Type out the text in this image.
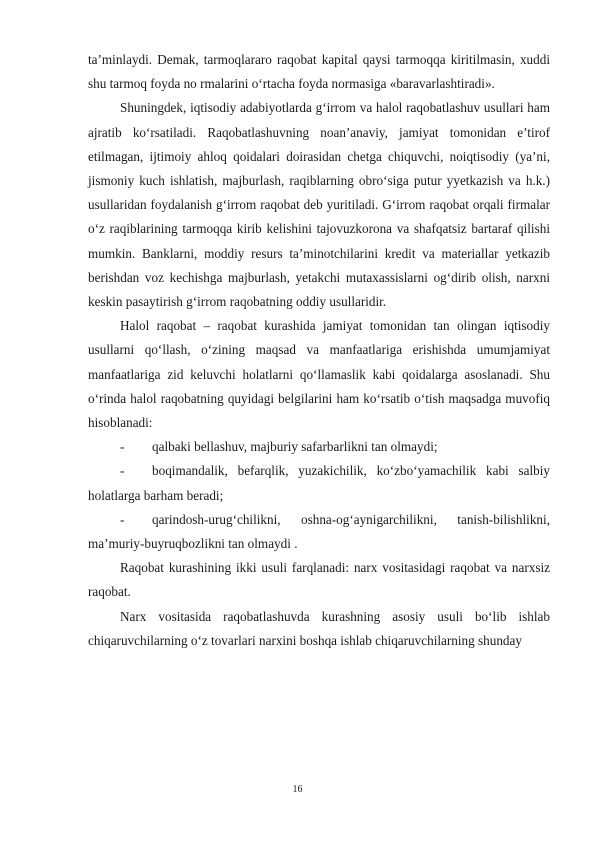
ta’minlaydi. Demak, tarmoqlararo raqobat kapital qaysi tarmoqqa kiritilmasin, xuddi shu tarmoq foyda no rmalarini o‘rtacha foyda normasiga «baravarlashtiradi».

Shuningdek, iqtisodiy adabiyotlarda g‘irrom va halol raqobatlashuv usullari ham ajratib ko‘rsatiladi. Raqobatlashuvning noan’anaviy, jamiyat tomonidan e’tirof etilmagan, ijtimoiy ahloq qoidalari doirasidan chetga chiquvchi, noiqtisodiy (ya’ni, jismoniy kuch ishlatish, majburlash, raqiblarning obro‘siga putur yyetkazish va h.k.) usullaridan foydalanish g‘irrom raqobat deb yuritiladi. G‘irrom raqobat orqali firmalar o‘z raqiblarining tarmoqqa kirib kelishini tajovuzkorona va shafqatsiz bartaraf qilishi mumkin. Banklarni, moddiy resurs ta’minotchilarini kredit va materiallar yetkazib berishdan voz kechishga majburlash, yetakchi mutaxassislarni og‘dirib olish, narxni keskin pasaytirish g‘irrom raqobatning oddiy usullaridir.

Halol raqobat – raqobat kurashida jamiyat tomonidan tan olingan iqtisodiy usullarni qo‘llash, o‘zining maqsad va manfaatlariga erishishda umumjamiyat manfaatlariga zid keluvchi holatlarni qo‘llamaslik kabi qoidalarga asoslanadi. Shu o‘rinda halol raqobatning quyidagi belgilarini ham ko‘rsatib o‘tish maqsadga muvofiq hisoblanadi:

- qalbaki bellashuv, majburiy safarbarlikni tan olmaydi;

- boqimandalik, befarqlik, yuzakichilik, ko‘zbo‘yamachilik kabi salbiy holatlarga barham beradi;

- qarindosh-urug‘chilikni, oshna-og‘aynigarchilikni, tanish-bilishlikni, ma’muriy-buyruqbozlikni tan olmaydi .

Raqobat kurashining ikki usuli farqlanadi: narx vositasidagi raqobat va narxsiz raqobat.

Narx vositasida raqobatlashuvda kurashning asosiy usuli bo‘lib ishlab chiqaruvchilarning o‘z tovarlari narxini boshqa ishlab chiqaruvchilarning shunday

16
